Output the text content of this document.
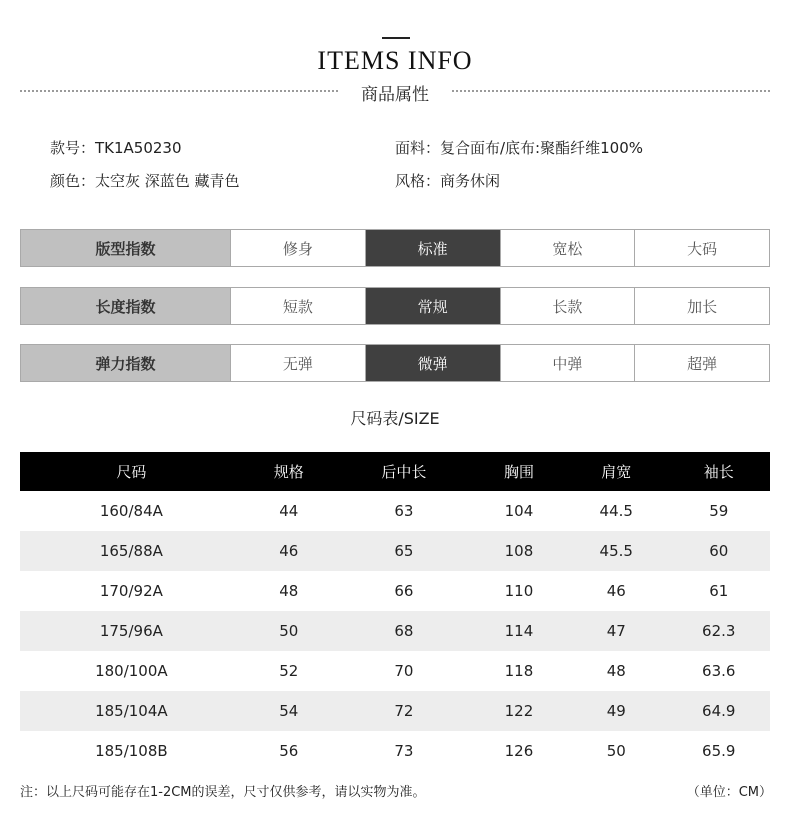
ITEMS INFO
商品属性
款号：TK1A50230
颜色：太空灰 深蓝色 藏青色
面料：复合面布/底布:聚酯纤维100%
风格：商务休闲
版型指数	修身	标准	宽松	大码
长度指数	短款	常规	长款	加长
弹力指数	无弹	微弹	中弹	超弹
尺码表/SIZE
尺码	规格	后中长	胸围	肩宽	袖长
160/84A	44	63	104	44.5	59
165/88A	46	65	108	45.5	60
170/92A	48	66	110	46	61
175/96A	50	68	114	47	62.3
180/100A	52	70	118	48	63.6
185/104A	54	72	122	49	64.9
185/108B	56	73	126	50	65.9
注：以上尺码可能存在1-2CM的误差，尺寸仅供参考，请以实物为准。	（单位：CM）
